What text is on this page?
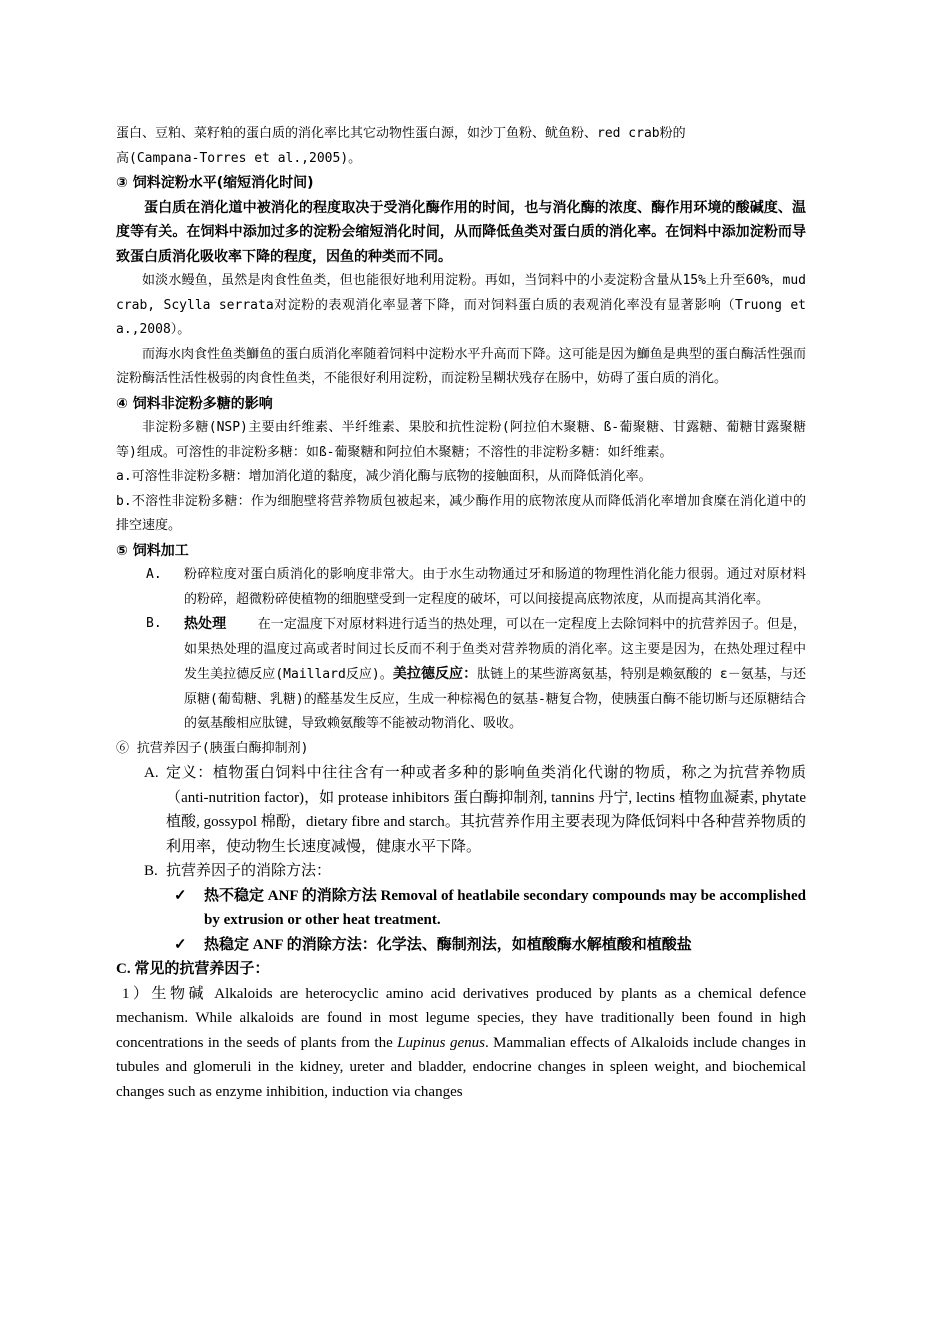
蛋白、豆粕、菜籽粕的蛋白质的消化率比其它动物性蛋白源，如沙丁鱼粉、鱿鱼粉、red crab粉的
高(Campana-Torres et al.,2005)。

③ 饲料淀粉水平(缩短消化时间)

蛋白质在消化道中被消化的程度取决于受消化酶作用的时间，也与消化酶的浓度、酶作用环境的酸碱度、温度等有关。在饲料中添加过多的淀粉会缩短消化时间，从而降低鱼类对蛋白质的消化率。在饲料中添加淀粉而导致蛋白质消化吸收率下降的程度，因鱼的种类而不同。

如淡水鳗鱼，虽然是肉食性鱼类，但也能很好地利用淀粉。再如，当饲料中的小麦淀粉含量从15%上升至60%，mud crab, Scylla serrata对淀粉的表观消化率显著下降，而对饲料蛋白质的表观消化率没有显著影响（Truong et a.,2008）。

而海水肉食性鱼类鰤鱼的蛋白质消化率随着饲料中淀粉水平升高而下降。这可能是因为鰤鱼是典型的蛋白酶活性强而淀粉酶活性活性极弱的肉食性鱼类，不能很好利用淀粉，而淀粉呈糊状残存在肠中，妨碍了蛋白质的消化。

④ 饲料非淀粉多糖的影响

非淀粉多糖(NSP)主要由纤维素、半纤维素、果胶和抗性淀粉(阿拉伯木聚糖、ß-葡聚糖、甘露糖、葡糖甘露聚糖等)组成。可溶性的非淀粉多糖：如ß-葡聚糖和阿拉伯木聚糖；不溶性的非淀粉多糖：如纤维素。

a.可溶性非淀粉多糖：增加消化道的黏度，减少消化酶与底物的接触面积，从而降低消化率。

b.不溶性非淀粉多糖：作为细胞壁将营养物质包被起来，减少酶作用的底物浓度从而降低消化率增加食糜在消化道中的排空速度。

⑤ 饲料加工

A.	粉碎粒度对蛋白质消化的影响度非常大。由于水生动物通过牙和肠道的物理性消化能力很弱。通过对原材料的粉碎，超微粉碎使植物的细胞壁受到一定程度的破坏，可以间接提高底物浓度，从而提高其消化率。
B.	热处理 在一定温度下对原材料进行适当的热处理，可以在一定程度上去除饲料中的抗营养因子。但是，如果热处理的温度过高或者时间过长反而不利于鱼类对营养物质的消化率。这主要是因为，在热处理过程中发生美拉德反应(Maillard反应)。美拉德反应：肽链上的某些游离氨基，特别是赖氨酸的 ε－氨基，与还原糖(葡萄糖、乳糖)的醛基发生反应，生成一种棕褐色的氨基-糖复合物，使胰蛋白酶不能切断与还原糖结合的氨基酸相应肽键，导致赖氨酸等不能被动物消化、吸收。

⑥ 抗营养因子(胰蛋白酶抑制剂)

A. 定义：植物蛋白饲料中往往含有一种或者多种的影响鱼类消化代谢的物质，称之为抗营养物质（anti-nutrition factor)，如 protease inhibitors 蛋白酶抑制剂, tannins 丹宁, lectins 植物血凝素, phytate 植酸, gossypol 棉酚，dietary fibre and starch。其抗营养作用主要表现为降低饲料中各种营养物质的利用率，使动物生长速度减慢，健康水平下降。
B. 抗营养因子的消除方法：
✓	热不稳定 ANF 的消除方法 Removal of heatlabile secondary compounds may be accomplished by extrusion or other heat treatment.
✓	热稳定 ANF 的消除方法：化学法、酶制剂法，如植酸酶水解植酸和植酸盐

C. 常见的抗营养因子：

1）生物碱 Alkaloids are heterocyclic amino acid derivatives produced by plants as a chemical defence mechanism. While alkaloids are found in most legume species, they have traditionally been found in high concentrations in the seeds of plants from the Lupinus genus. Mammalian effects of Alkaloids include changes in tubules and glomeruli in the kidney, ureter and bladder, endocrine changes in spleen weight, and biochemical changes such as enzyme inhibition, induction via changes
